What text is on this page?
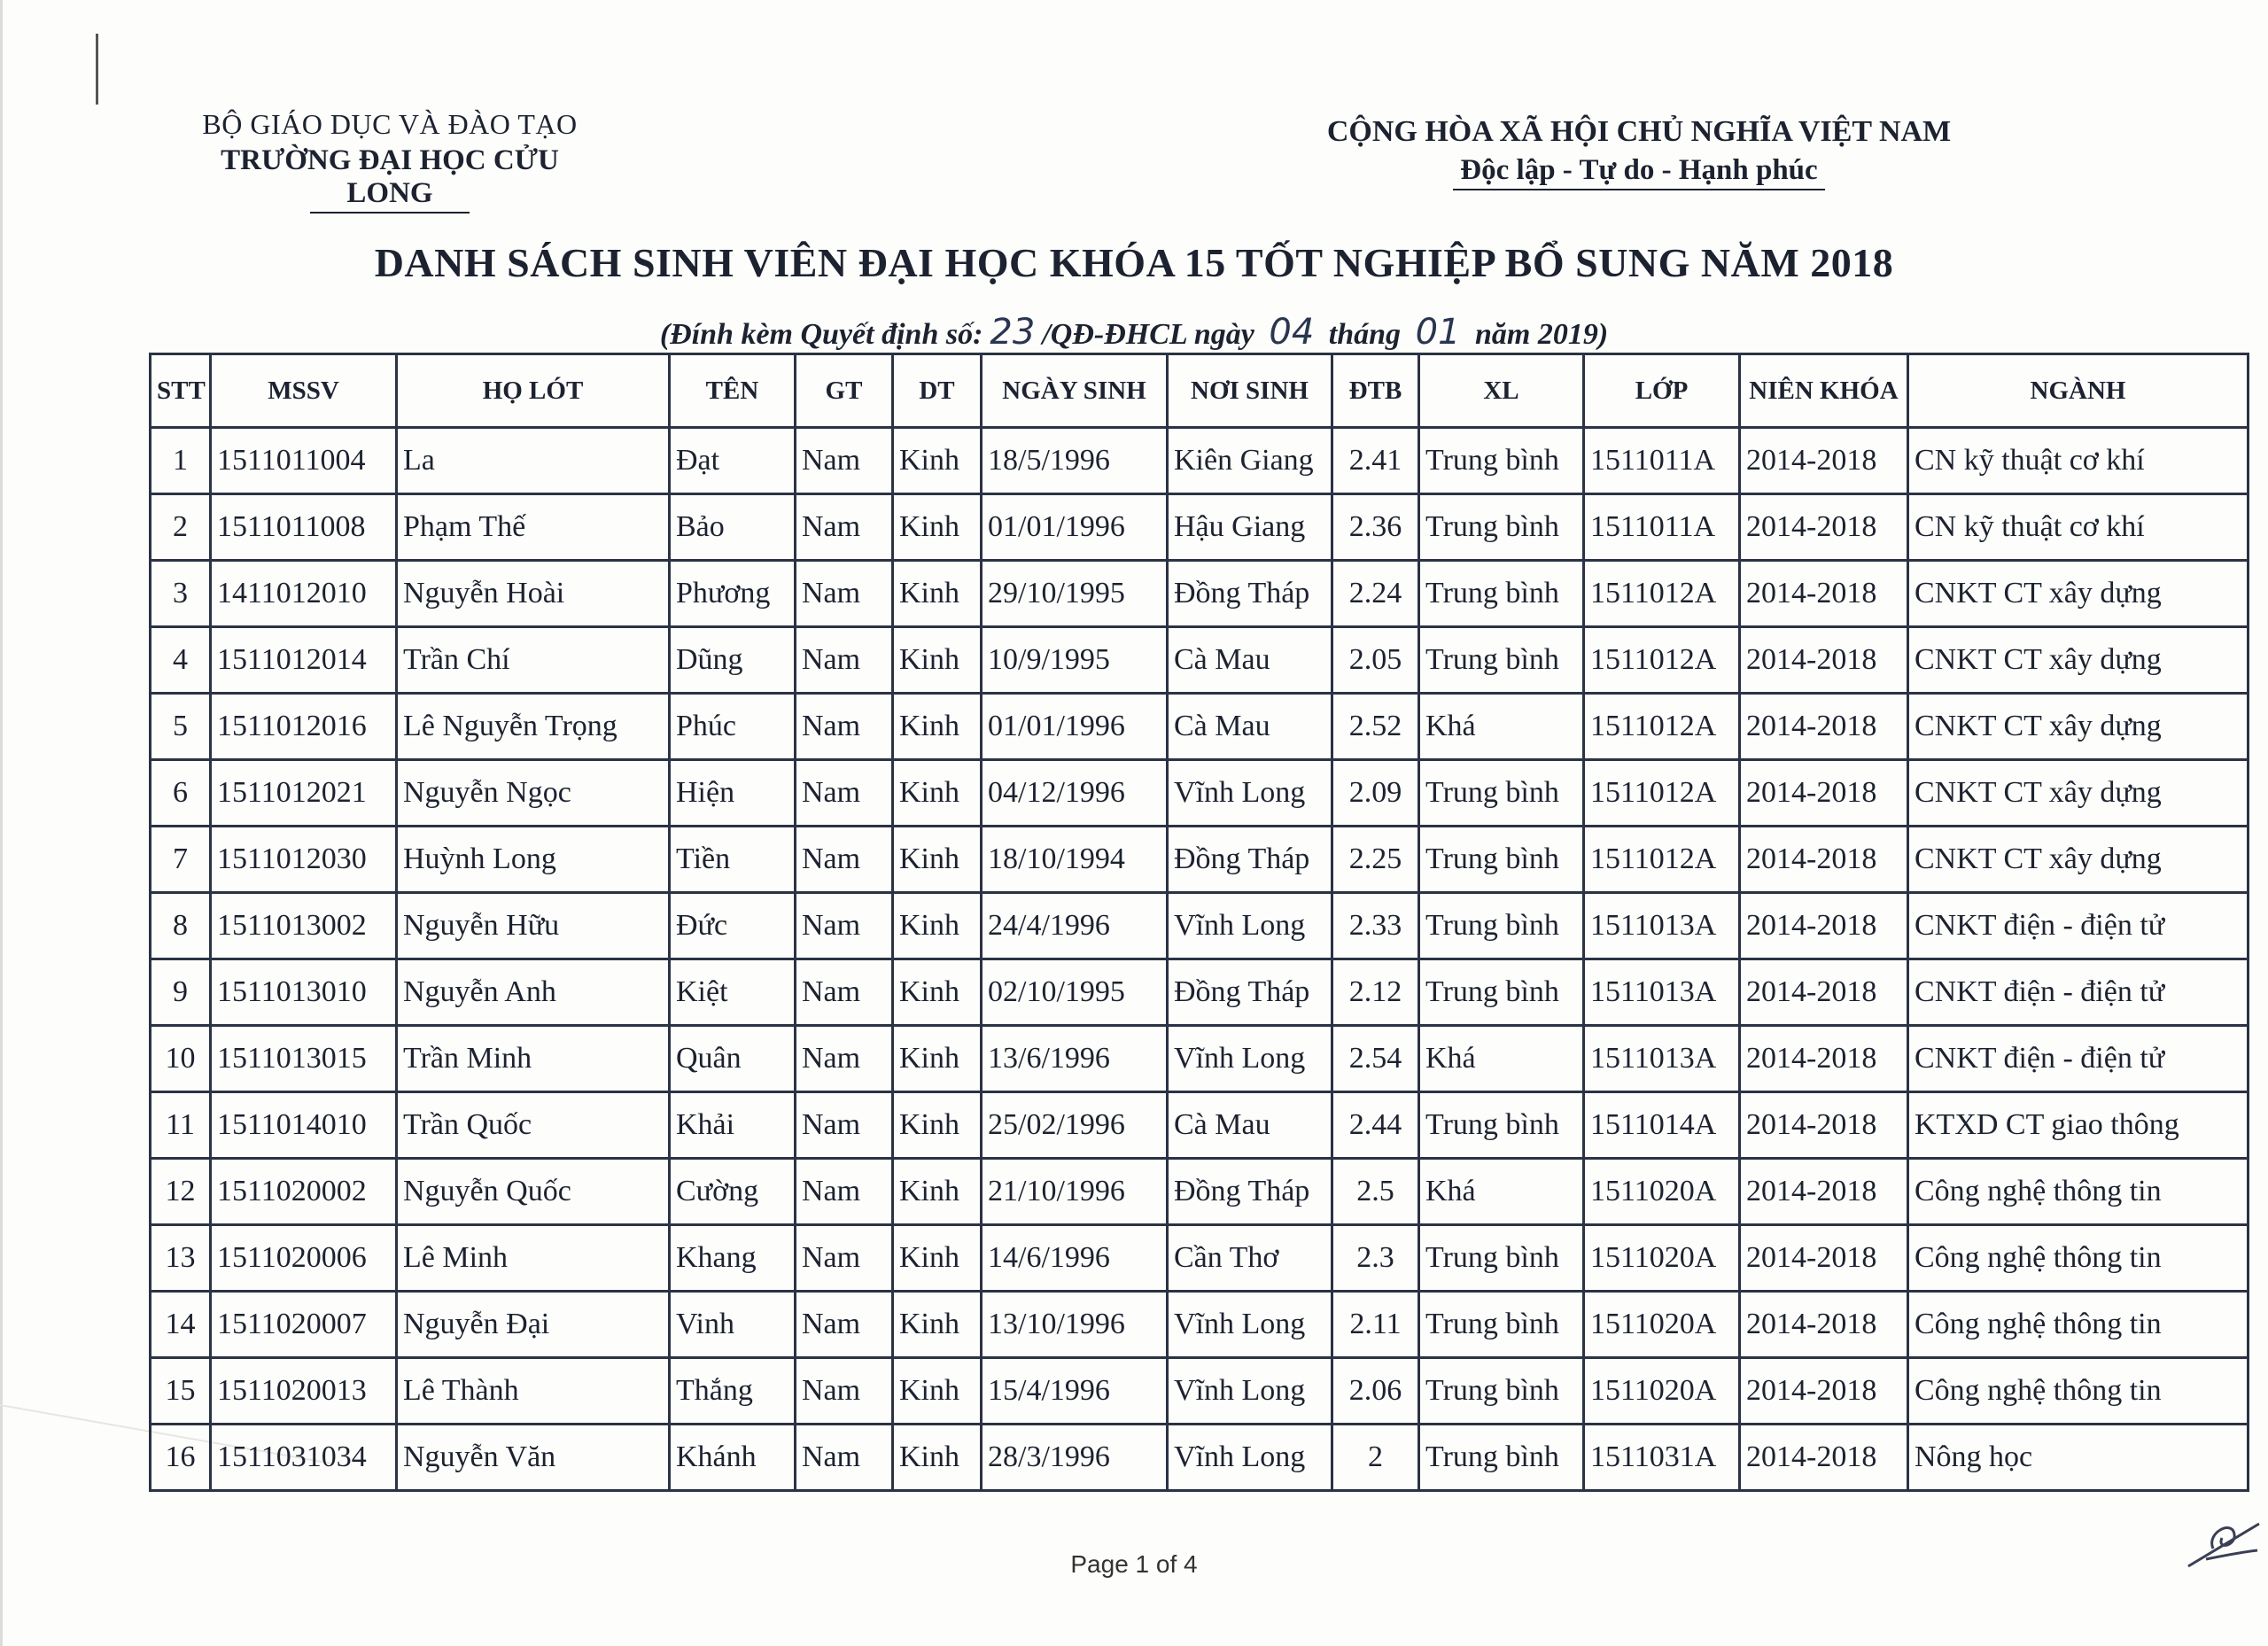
BỘ GIÁO DỤC VÀ ĐÀO TẠO
TRƯỜNG ĐẠI HỌC CỬU LONG
CỘNG HÒA XÃ HỘI CHỦ NGHĨA VIỆT NAM
Độc lập - Tự do - Hạnh phúc
DANH SÁCH SINH VIÊN ĐẠI HỌC KHÓA 15 TỐT NGHIỆP BỔ SUNG NĂM 2018
(Đính kèm Quyết định số: 23 /QĐ-ĐHCL ngày 04 tháng 01 năm 2019)
STT	MSSV	HỌ LÓT	TÊN	GT	DT	NGÀY SINH	NƠI SINH	ĐTB	XL	LỚP	NIÊN KHÓA	NGÀNH
1	1511011004	La	Đạt	Nam	Kinh	18/5/1996	Kiên Giang	2.41	Trung bình	1511011A	2014-2018	CN kỹ thuật cơ khí
2	1511011008	Phạm Thế	Bảo	Nam	Kinh	01/01/1996	Hậu Giang	2.36	Trung bình	1511011A	2014-2018	CN kỹ thuật cơ khí
3	1411012010	Nguyễn Hoài	Phương	Nam	Kinh	29/10/1995	Đồng Tháp	2.24	Trung bình	1511012A	2014-2018	CNKT CT xây dựng
4	1511012014	Trần Chí	Dũng	Nam	Kinh	10/9/1995	Cà Mau	2.05	Trung bình	1511012A	2014-2018	CNKT CT xây dựng
5	1511012016	Lê Nguyễn Trọng	Phúc	Nam	Kinh	01/01/1996	Cà Mau	2.52	Khá	1511012A	2014-2018	CNKT CT xây dựng
6	1511012021	Nguyễn Ngọc	Hiện	Nam	Kinh	04/12/1996	Vĩnh Long	2.09	Trung bình	1511012A	2014-2018	CNKT CT xây dựng
7	1511012030	Huỳnh Long	Tiền	Nam	Kinh	18/10/1994	Đồng Tháp	2.25	Trung bình	1511012A	2014-2018	CNKT CT xây dựng
8	1511013002	Nguyễn Hữu	Đức	Nam	Kinh	24/4/1996	Vĩnh Long	2.33	Trung bình	1511013A	2014-2018	CNKT điện - điện tử
9	1511013010	Nguyễn Anh	Kiệt	Nam	Kinh	02/10/1995	Đồng Tháp	2.12	Trung bình	1511013A	2014-2018	CNKT điện - điện tử
10	1511013015	Trần Minh	Quân	Nam	Kinh	13/6/1996	Vĩnh Long	2.54	Khá	1511013A	2014-2018	CNKT điện - điện tử
11	1511014010	Trần Quốc	Khải	Nam	Kinh	25/02/1996	Cà Mau	2.44	Trung bình	1511014A	2014-2018	KTXD CT giao thông
12	1511020002	Nguyễn Quốc	Cường	Nam	Kinh	21/10/1996	Đồng Tháp	2.5	Khá	1511020A	2014-2018	Công nghệ thông tin
13	1511020006	Lê Minh	Khang	Nam	Kinh	14/6/1996	Cần Thơ	2.3	Trung bình	1511020A	2014-2018	Công nghệ thông tin
14	1511020007	Nguyễn Đại	Vinh	Nam	Kinh	13/10/1996	Vĩnh Long	2.11	Trung bình	1511020A	2014-2018	Công nghệ thông tin
15	1511020013	Lê Thành	Thắng	Nam	Kinh	15/4/1996	Vĩnh Long	2.06	Trung bình	1511020A	2014-2018	Công nghệ thông tin
16	1511031034	Nguyễn Văn	Khánh	Nam	Kinh	28/3/1996	Vĩnh Long	2	Trung bình	1511031A	2014-2018	Nông học
Page 1 of 4
